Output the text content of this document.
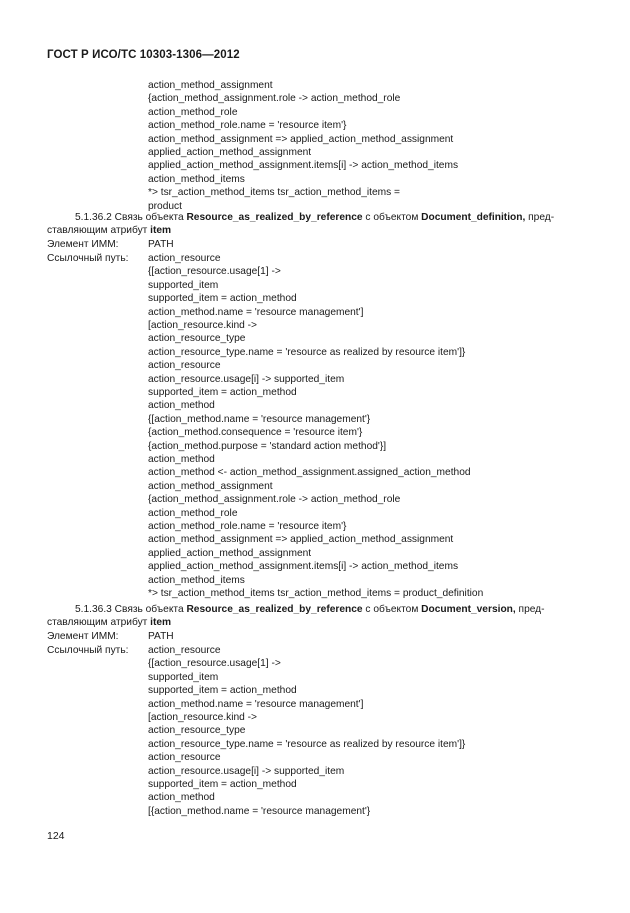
ГОСТ Р ИСО/ТС 10303-1306—2012
action_method_assignment
{action_method_assignment.role -> action_method_role
action_method_role
action_method_role.name = 'resource item'}
action_method_assignment => applied_action_method_assignment
applied_action_method_assignment
applied_action_method_assignment.items[i] -> action_method_items
action_method_items
*> tsr_action_method_items tsr_action_method_items =
product
5.1.36.2 Связь объекта Resource_as_realized_by_reference с объектом Document_definition, пред-
ставляющим атрибут item
Элемент ИММ:	PATH
Ссылочный путь: action_resource
{[action_resource.usage[1] ->
supported_item
supported_item = action_method
action_method.name = 'resource management']
[action_resource.kind ->
action_resource_type
action_resource_type.name = 'resource as realized by resource item']}
action_resource
action_resource.usage[i] -> supported_item
supported_item = action_method
action_method
{[action_method.name = 'resource management'}
{action_method.consequence = 'resource item'}
{action_method.purpose = 'standard action method'}]
action_method
action_method <- action_method_assignment.assigned_action_method
action_method_assignment
{action_method_assignment.role -> action_method_role
action_method_role
action_method_role.name = 'resource item'}
action_method_assignment => applied_action_method_assignment
applied_action_method_assignment
applied_action_method_assignment.items[i] -> action_method_items
action_method_items
*> tsr_action_method_items tsr_action_method_items = product_definition
5.1.36.3 Связь объекта Resource_as_realized_by_reference с объектом Document_version, пред-
ставляющим атрибут item
Элемент ИММ:	PATH
Ссылочный путь: action_resource
{[action_resource.usage[1] ->
supported_item
supported_item = action_method
action_method.name = 'resource management']
[action_resource.kind ->
action_resource_type
action_resource_type.name = 'resource as realized by resource item']}
action_resource
action_resource.usage[i] -> supported_item
supported_item = action_method
action_method
[{action_method.name = 'resource management'}
124
